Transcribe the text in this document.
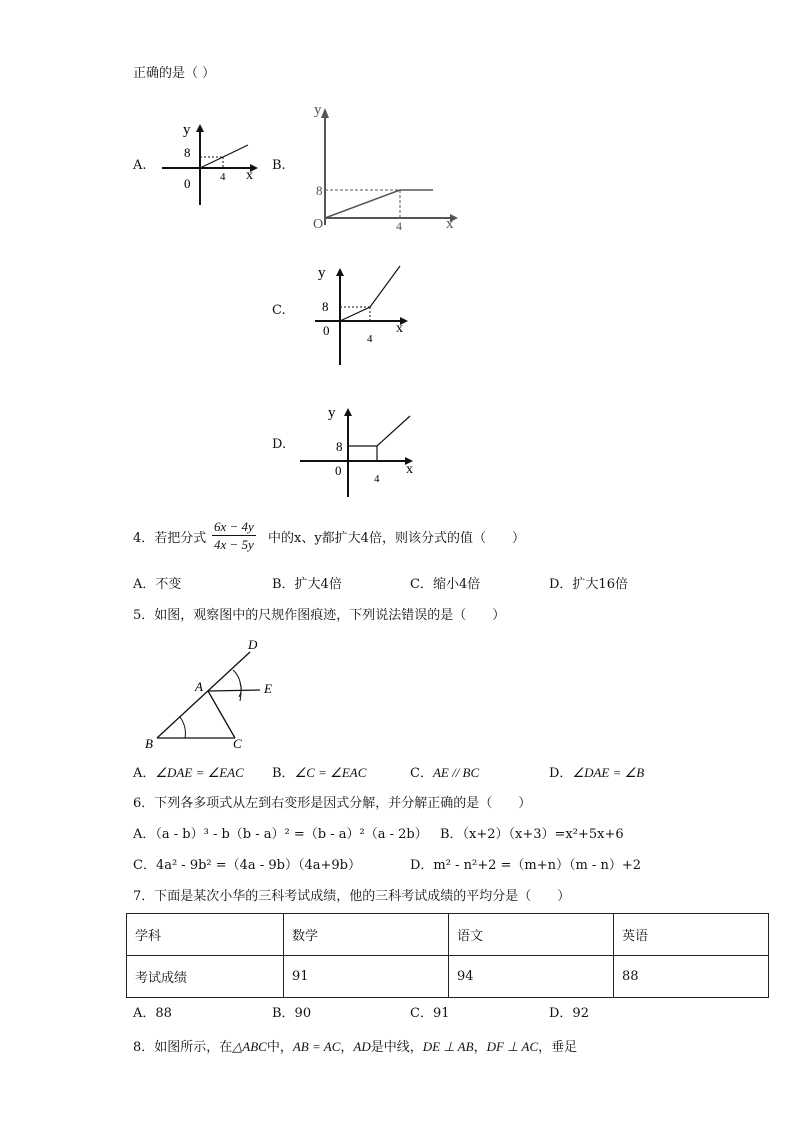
正确的是（ ）
A.
y
8
0	4 x
B.
y
8
O	4	x
C.
y
8
0
4
x
D.
y
8
0
4
x
4．若把分式 $\frac{6x - 4y}{4x - 5y}$ 中的x、y都扩大4倍，则该分式的值（　　）
A．不变	B．扩大4倍	C．缩小4倍	D．扩大16倍
5．如图，观察图中的尺规作图痕迹，下列说法错误的是（　　）
A
B	C
D
E
A．∠DAE = ∠EAC B．∠C = ∠EAC	C．AE // BC	D．∠DAE = ∠B
6．下列各多项式从左到右变形是因式分解，并分解正确的是（　　）
A．（a - b）³ - b（b - a）² =（b - a）²（a - 2b） B．（x+2）（x+3）=x²+5x+6
C．4a² - 9b² =（4a - 9b）（4a+9b）	D．m² - n²+2 =（m+n）（m - n）+2
7．下面是某次小华的三科考试成绩，他的三科考试成绩的平均分是（　　）
学科	数学	语文	英语
考试成绩	91	94	88
A．88	B．90	C．91	D．92
8．如图所示，在△ABC中，AB = AC，AD是中线，DE ⊥ AB，DF ⊥ AC，垂足
